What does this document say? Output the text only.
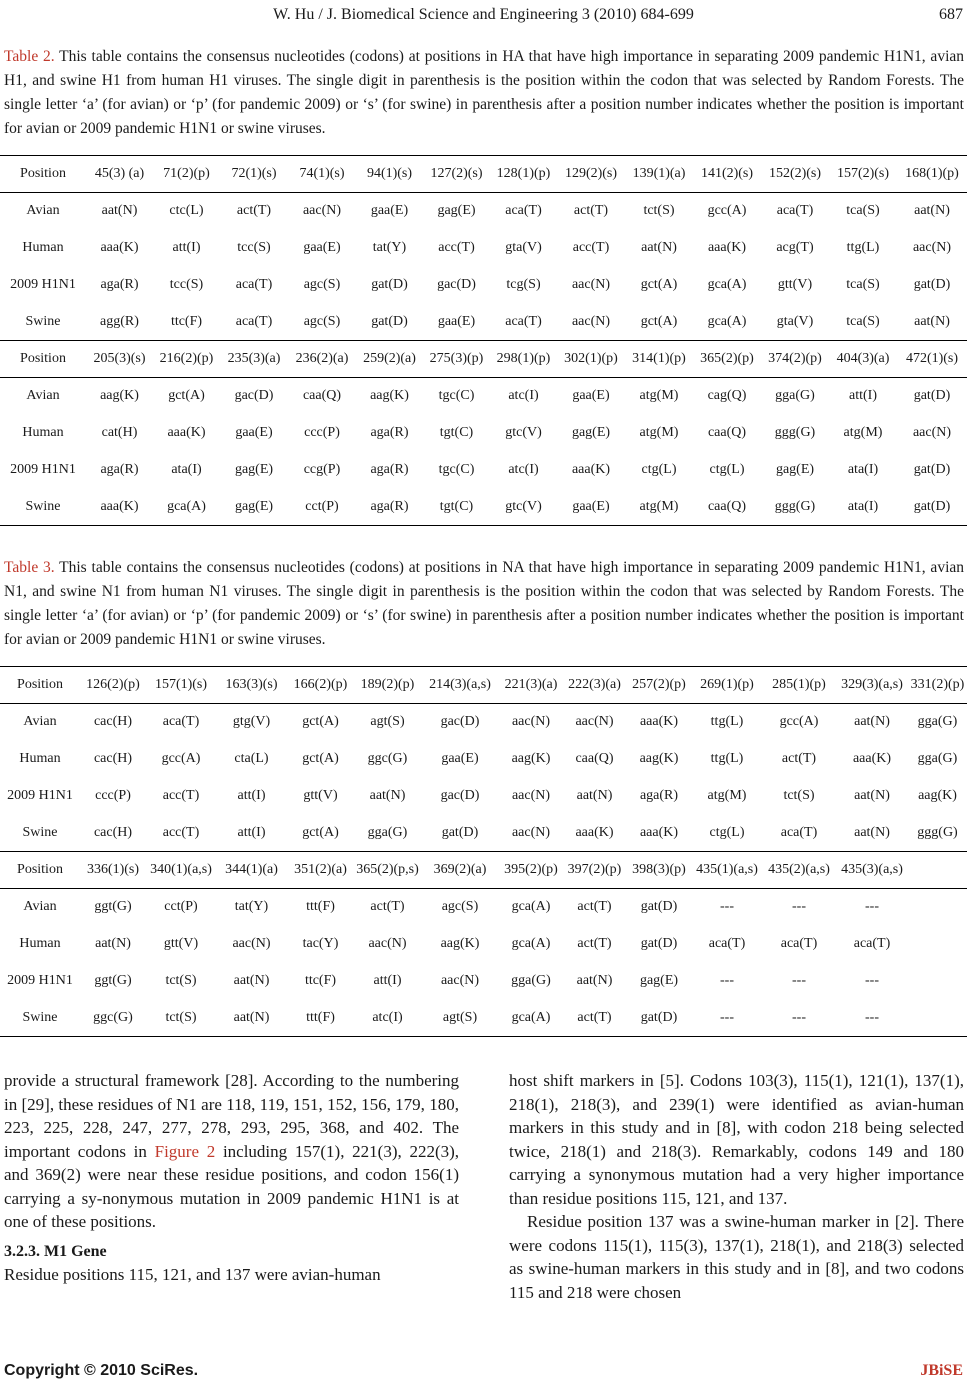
W. Hu / J. Biomedical Science and Engineering 3 (2010) 684-699	687
Table 2. This table contains the consensus nucleotides (codons) at positions in HA that have high importance in separating 2009 pandemic H1N1, avian H1, and swine H1 from human H1 viruses. The single digit in parenthesis is the position within the codon that was selected by Random Forests. The single letter ‘a’ (for avian) or ‘p’ (for pandemic 2009) or ‘s’ (for swine) in parenthesis after a position number indicates whether the position is important for avian or 2009 pandemic H1N1 or swine viruses.
Position	45(3) (a)	71(2)(p)	72(1)(s)	74(1)(s)	94(1)(s)	127(2)(s)	128(1)(p)	129(2)(s)	139(1)(a)	141(2)(s)	152(2)(s)	157(2)(s)	168(1)(p)
Avian	aat(N)	ctc(L)	act(T)	aac(N)	gaa(E)	gag(E)	aca(T)	act(T)	tct(S)	gcc(A)	aca(T)	tca(S)	aat(N)
Human	aaa(K)	att(I)	tcc(S)	gaa(E)	tat(Y)	acc(T)	gta(V)	acc(T)	aat(N)	aaa(K)	acg(T)	ttg(L)	aac(N)
2009 H1N1	aga(R)	tcc(S)	aca(T)	agc(S)	gat(D)	gac(D)	tcg(S)	aac(N)	gct(A)	gca(A)	gtt(V)	tca(S)	gat(D)
Swine	agg(R)	ttc(F)	aca(T)	agc(S)	gat(D)	gaa(E)	aca(T)	aac(N)	gct(A)	gca(A)	gta(V)	tca(S)	aat(N)
Position	205(3)(s)	216(2)(p)	235(3)(a)	236(2)(a)	259(2)(a)	275(3)(p)	298(1)(p)	302(1)(p)	314(1)(p)	365(2)(p)	374(2)(p)	404(3)(a)	472(1)(s)
Avian	aag(K)	gct(A)	gac(D)	caa(Q)	aag(K)	tgc(C)	atc(I)	gaa(E)	atg(M)	cag(Q)	gga(G)	att(I)	gat(D)
Human	cat(H)	aaa(K)	gaa(E)	ccc(P)	aga(R)	tgt(C)	gtc(V)	gag(E)	atg(M)	caa(Q)	ggg(G)	atg(M)	aac(N)
2009 H1N1	aga(R)	ata(I)	gag(E)	ccg(P)	aga(R)	tgc(C)	atc(I)	aaa(K)	ctg(L)	ctg(L)	gag(E)	ata(I)	gat(D)
Swine	aaa(K)	gca(A)	gag(E)	cct(P)	aga(R)	tgt(C)	gtc(V)	gaa(E)	atg(M)	caa(Q)	ggg(G)	ata(I)	gat(D)
Table 3. This table contains the consensus nucleotides (codons) at positions in NA that have high importance in separating 2009 pandemic H1N1, avian N1, and swine N1 from human N1 viruses. The single digit in parenthesis is the position within the codon that was selected by Random Forests. The single letter ‘a’ (for avian) or ‘p’ (for pandemic 2009) or ‘s’ (for swine) in parenthesis after a position number indicates whether the position is important for avian or 2009 pandemic H1N1 or swine viruses.
Position	126(2)(p)	157(1)(s)	163(3)(s)	166(2)(p)	189(2)(p)	214(3)(a,s)	221(3)(a)	222(3)(a)	257(2)(p)	269(1)(p)	285(1)(p)	329(3)(a,s)	331(2)(p)
Avian	cac(H)	aca(T)	gtg(V)	gct(A)	agt(S)	gac(D)	aac(N)	aac(N)	aaa(K)	ttg(L)	gcc(A)	aat(N)	gga(G)
Human	cac(H)	gcc(A)	cta(L)	gct(A)	ggc(G)	gaa(E)	aag(K)	caa(Q)	aag(K)	ttg(L)	act(T)	aaa(K)	gga(G)
2009 H1N1	ccc(P)	acc(T)	att(I)	gtt(V)	aat(N)	gac(D)	aac(N)	aat(N)	aga(R)	atg(M)	tct(S)	aat(N)	aag(K)
Swine	cac(H)	acc(T)	att(I)	gct(A)	gga(G)	gat(D)	aac(N)	aaa(K)	aaa(K)	ctg(L)	aca(T)	aat(N)	ggg(G)
Position	336(1)(s)	340(1)(a,s)	344(1)(a)	351(2)(a)	365(2)(p,s)	369(2)(a)	395(2)(p)	397(2)(p)	398(3)(p)	435(1)(a,s)	435(2)(a,s)	435(3)(a,s)	
Avian	ggt(G)	cct(P)	tat(Y)	ttt(F)	act(T)	agc(S)	gca(A)	act(T)	gat(D)	---	---	---	
Human	aat(N)	gtt(V)	aac(N)	tac(Y)	aac(N)	aag(K)	gca(A)	act(T)	gat(D)	aca(T)	aca(T)	aca(T)	
2009 H1N1	ggt(G)	tct(S)	aat(N)	ttc(F)	att(I)	aac(N)	gga(G)	aat(N)	gag(E)	---	---	---	
Swine	ggc(G)	tct(S)	aat(N)	ttt(F)	atc(I)	agt(S)	gca(A)	act(T)	gat(D)	---	---	---	

provide a structural framework [28]. According to the numbering in [29], these residues of N1 are 118, 119, 151, 152, 156, 179, 180, 223, 225, 228, 247, 277, 278, 293, 295, 368, and 402. The important codons in Figure 2 including 157(1), 221(3), 222(3), and 369(2) were near these residue positions, and codon 156(1) carrying a sy-nonymous mutation in 2009 pandemic H1N1 is at one of these positions.

3.2.3. M1 Gene

Residue positions 115, 121, and 137 were avian-human

host shift markers in [5]. Codons 103(3), 115(1), 121(1), 137(1), 218(1), 218(3), and 239(1) were identified as avian-human markers in this study and in [8], with codon 218 being selected twice, 218(1) and 218(3). Remarkably, codons 149 and 180 carrying a synonymous mutation had a very higher importance than residue positions 115, 121, and 137.

Residue position 137 was a swine-human marker in [2]. There were codons 115(1), 115(3), 137(1), 218(1), and 218(3) selected as swine-human markers in this study and in [8], and two codons 115 and 218 were chosen

Copyright © 2010 SciRes.	JBiSE
